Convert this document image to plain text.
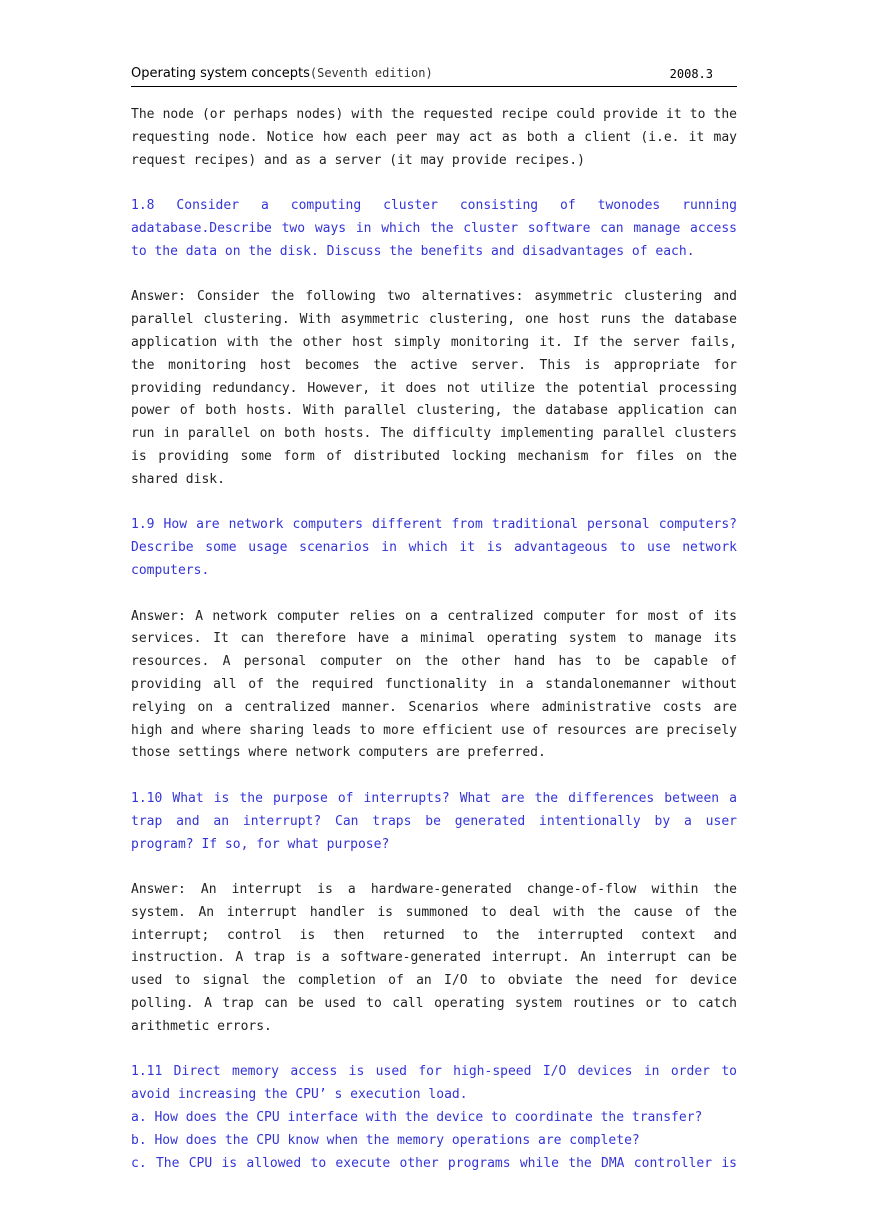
Operating system concepts(Seventh edition)	2008.3

The node (or perhaps nodes) with the requested recipe could provide it to the requesting node. Notice how each peer may act as both a client (i.e. it may request recipes) and as a server (it may provide recipes.)

1.8 Consider a computing cluster consisting of twonodes running adatabase.Describe two ways in which the cluster software can manage access to the data on the disk. Discuss the benefits and disadvantages of each.

Answer: Consider the following two alternatives: asymmetric clustering and parallel clustering. With asymmetric clustering, one host runs the database application with the other host simply monitoring it. If the server fails, the monitoring host becomes the active server. This is appropriate for providing redundancy. However, it does not utilize the potential processing power of both hosts. With parallel clustering, the database application can run in parallel on both hosts. The difficulty implementing parallel clusters is providing some form of distributed locking mechanism for files on the shared disk.

1.9 How are network computers different from traditional personal computers? Describe some usage scenarios in which it is advantageous to use network computers.

Answer: A network computer relies on a centralized computer for most of its services. It can therefore have a minimal operating system to manage its resources. A personal computer on the other hand has to be capable of providing all of the required functionality in a standalonemanner without relying on a centralized manner. Scenarios where administrative costs are high and where sharing leads to more efficient use of resources are precisely those settings where network computers are preferred.

1.10 What is the purpose of interrupts? What are the differences between a trap and an interrupt? Can traps be generated intentionally by a user program? If so, for what purpose?

Answer: An interrupt is a hardware-generated change-of-flow within the system. An interrupt handler is summoned to deal with the cause of the interrupt; control is then returned to the interrupted context and instruction. A trap is a software-generated interrupt. An interrupt can be used to signal the completion of an I/O to obviate the need for device polling. A trap can be used to call operating system routines or to catch arithmetic errors.

1.11 Direct memory access is used for high-speed I/O devices in order to avoid increasing the CPU’ s execution load.

a. How does the CPU interface with the device to coordinate the transfer?

b. How does the CPU know when the memory operations are complete?

c. The CPU is allowed to execute other programs while the DMA controller is
